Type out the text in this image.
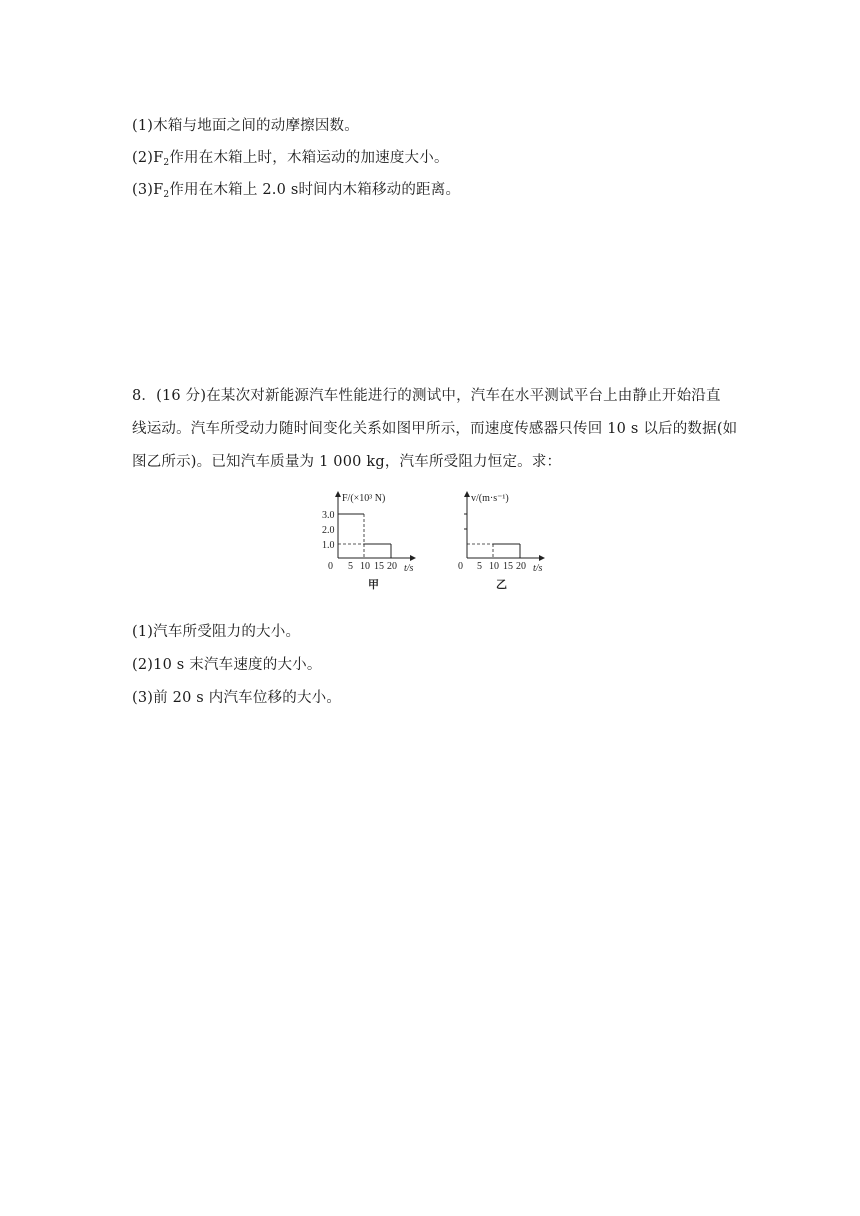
(1)木箱与地面之间的动摩擦因数。
$(2)F_2$作用在木箱上时，木箱运动的加速度大小。
$(3)F_2$作用在木箱上 2.0 s时间内木箱移动的距离。
8．(16 分)在某次对新能源汽车性能进行的测试中，汽车在水平测试平台上由静止开始沿直
线运动。汽车所受动力随时间变化关系如图甲所示，而速度传感器只传回 10 s 以后的数据(如
图乙所示)。已知汽车质量为 1 000 kg，汽车所受阻力恒定。求：
F/(×10³ N)
t/s
0
3.0
2.0
1.0
5 10 15 20
甲
v/(m·s⁻¹)
t/s
0 5 10 15 20
乙
(1)汽车所受阻力的大小。
(2)10 s 末汽车速度的大小。
(3)前 20 s 内汽车位移的大小。
